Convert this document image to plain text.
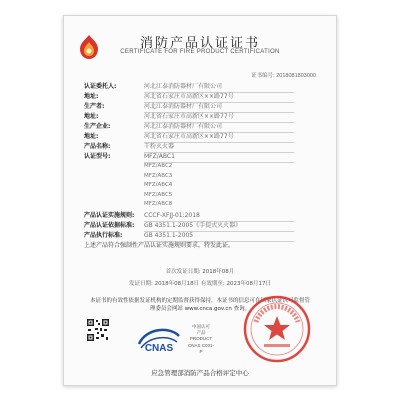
消防产品认证证书
CERTIFICATE FOR FIRE PRODUCT CERTIFICATION
证书编号: 2018081803000
认证委托人:	河北江泰消防器材厂有限公司
地址:	河北省石家庄市高新区××路77号
生产者:	河北江泰消防器材厂有限公司
地址:	河北省石家庄市高新区××路77号
生产企业:	河北江泰消防器材厂有限公司
地址:	河北省石家庄市高新区××路77号
产品名称:	干粉灭火器
认证型号:	MFZ/ABC1
MFZ/ABC2
MFZ/ABC3
MFZ/ABC4
MFZ/ABC5
MFZ/ABC8
产品认证实施规则: CCCF-XFJJ-01:2018
产品认证依据标准: GB 4351.1-2005《手提式灭火器》
产品执行标准:	GB 4351.1-2005
上述产品符合强制性产品认证实施规则要求，特发此证。
首次发证日期: 2018年08月
发证日期: 2018年08月18日 有效期至: 2023年08月17日
本证书的有效性依据发证机构的定期监督获得保持，本证书的信息可在国家认证认可监督管理委员会网站 www.cnca.gov.cn 查询。
CNAS
中国认可
产品
PRODUCT
CNAS C031-P
应急管理部消防产品合格评定中心
